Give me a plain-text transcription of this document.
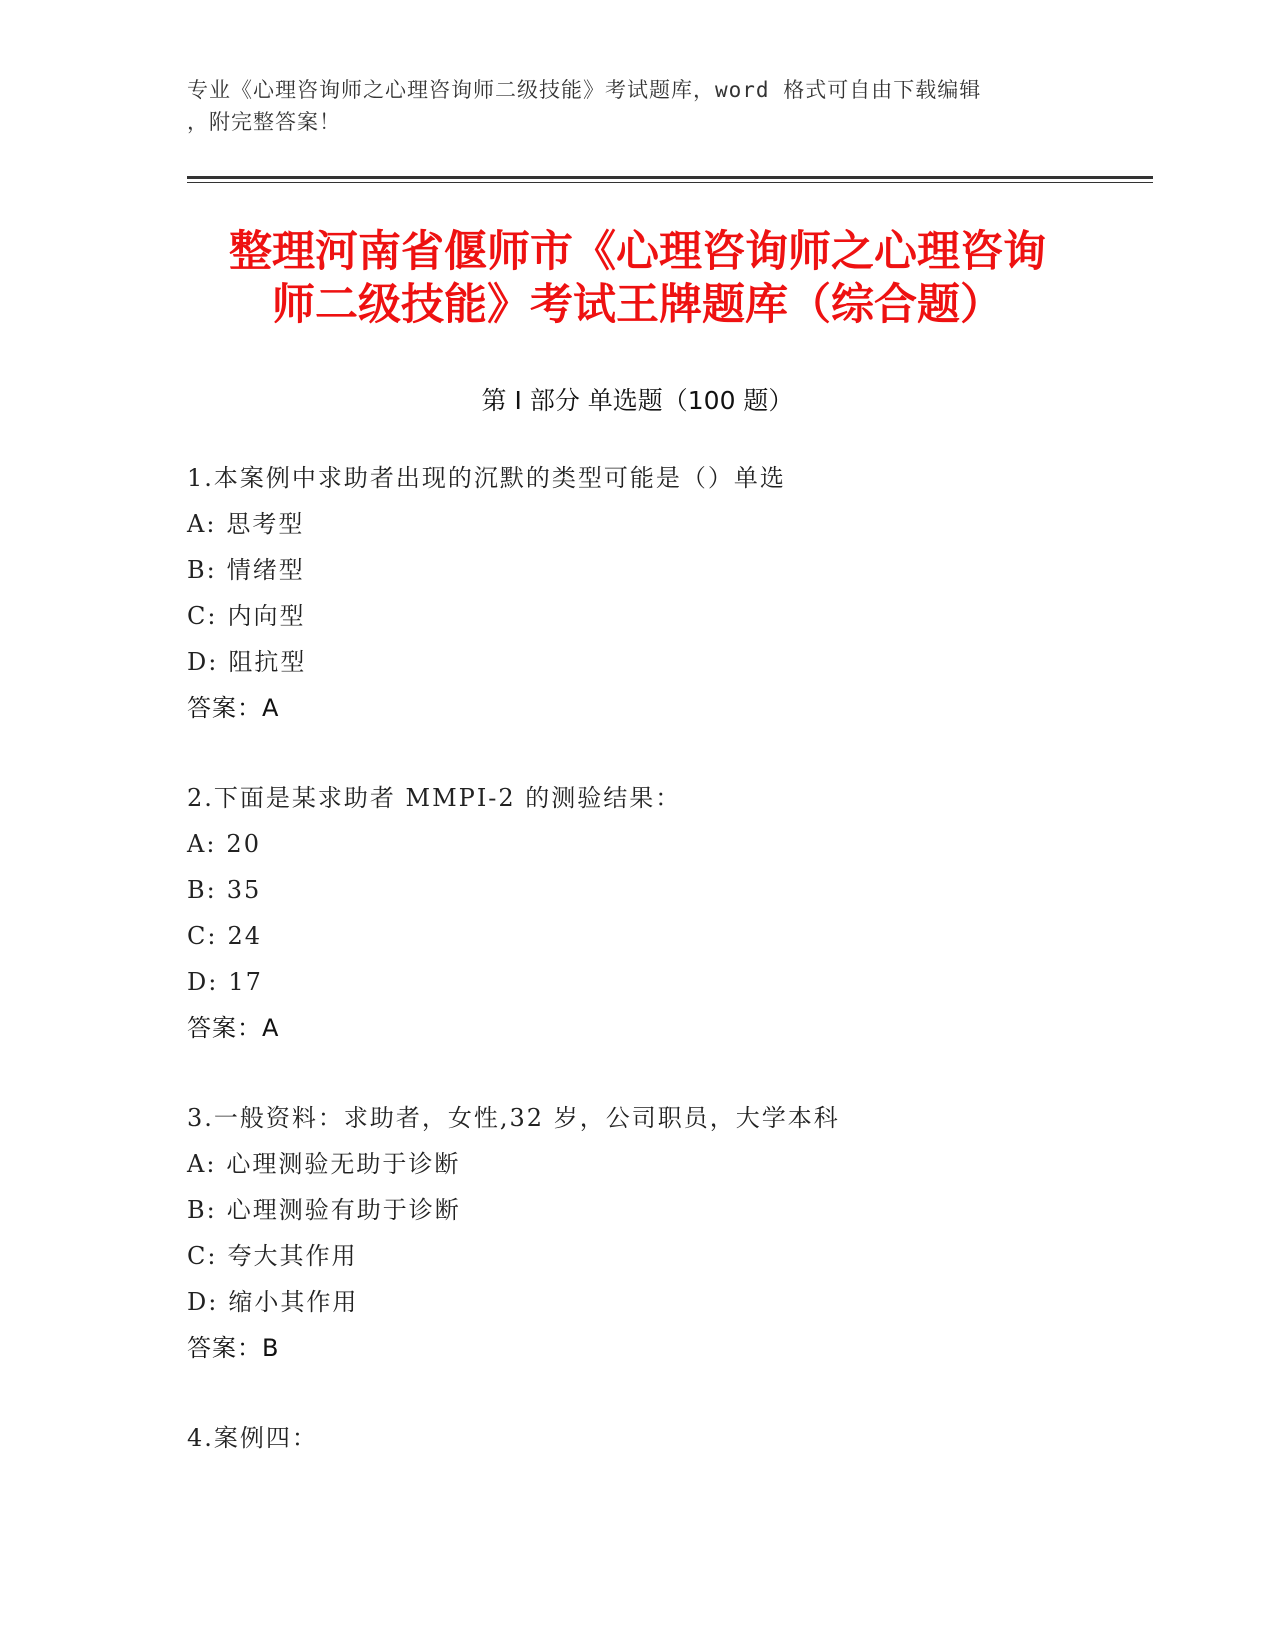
专业《心理咨询师之心理咨询师二级技能》考试题库，word 格式可自由下载编辑
，附完整答案！
整理河南省偃师市《心理咨询师之心理咨询
师二级技能》考试王牌题库（综合题）
第 I 部分 单选题（100 题）
1.本案例中求助者出现的沉默的类型可能是（）单选
A: 思考型
B: 情绪型
C: 内向型
D: 阻抗型
答案：A
2.下面是某求助者 MMPI-2 的测验结果：
A: 20
B: 35
C: 24
D: 17
答案：A
3.一般资料：求助者，女性,32 岁，公司职员，大学本科
A: 心理测验无助于诊断
B: 心理测验有助于诊断
C: 夸大其作用
D: 缩小其作用
答案：B
4.案例四：
